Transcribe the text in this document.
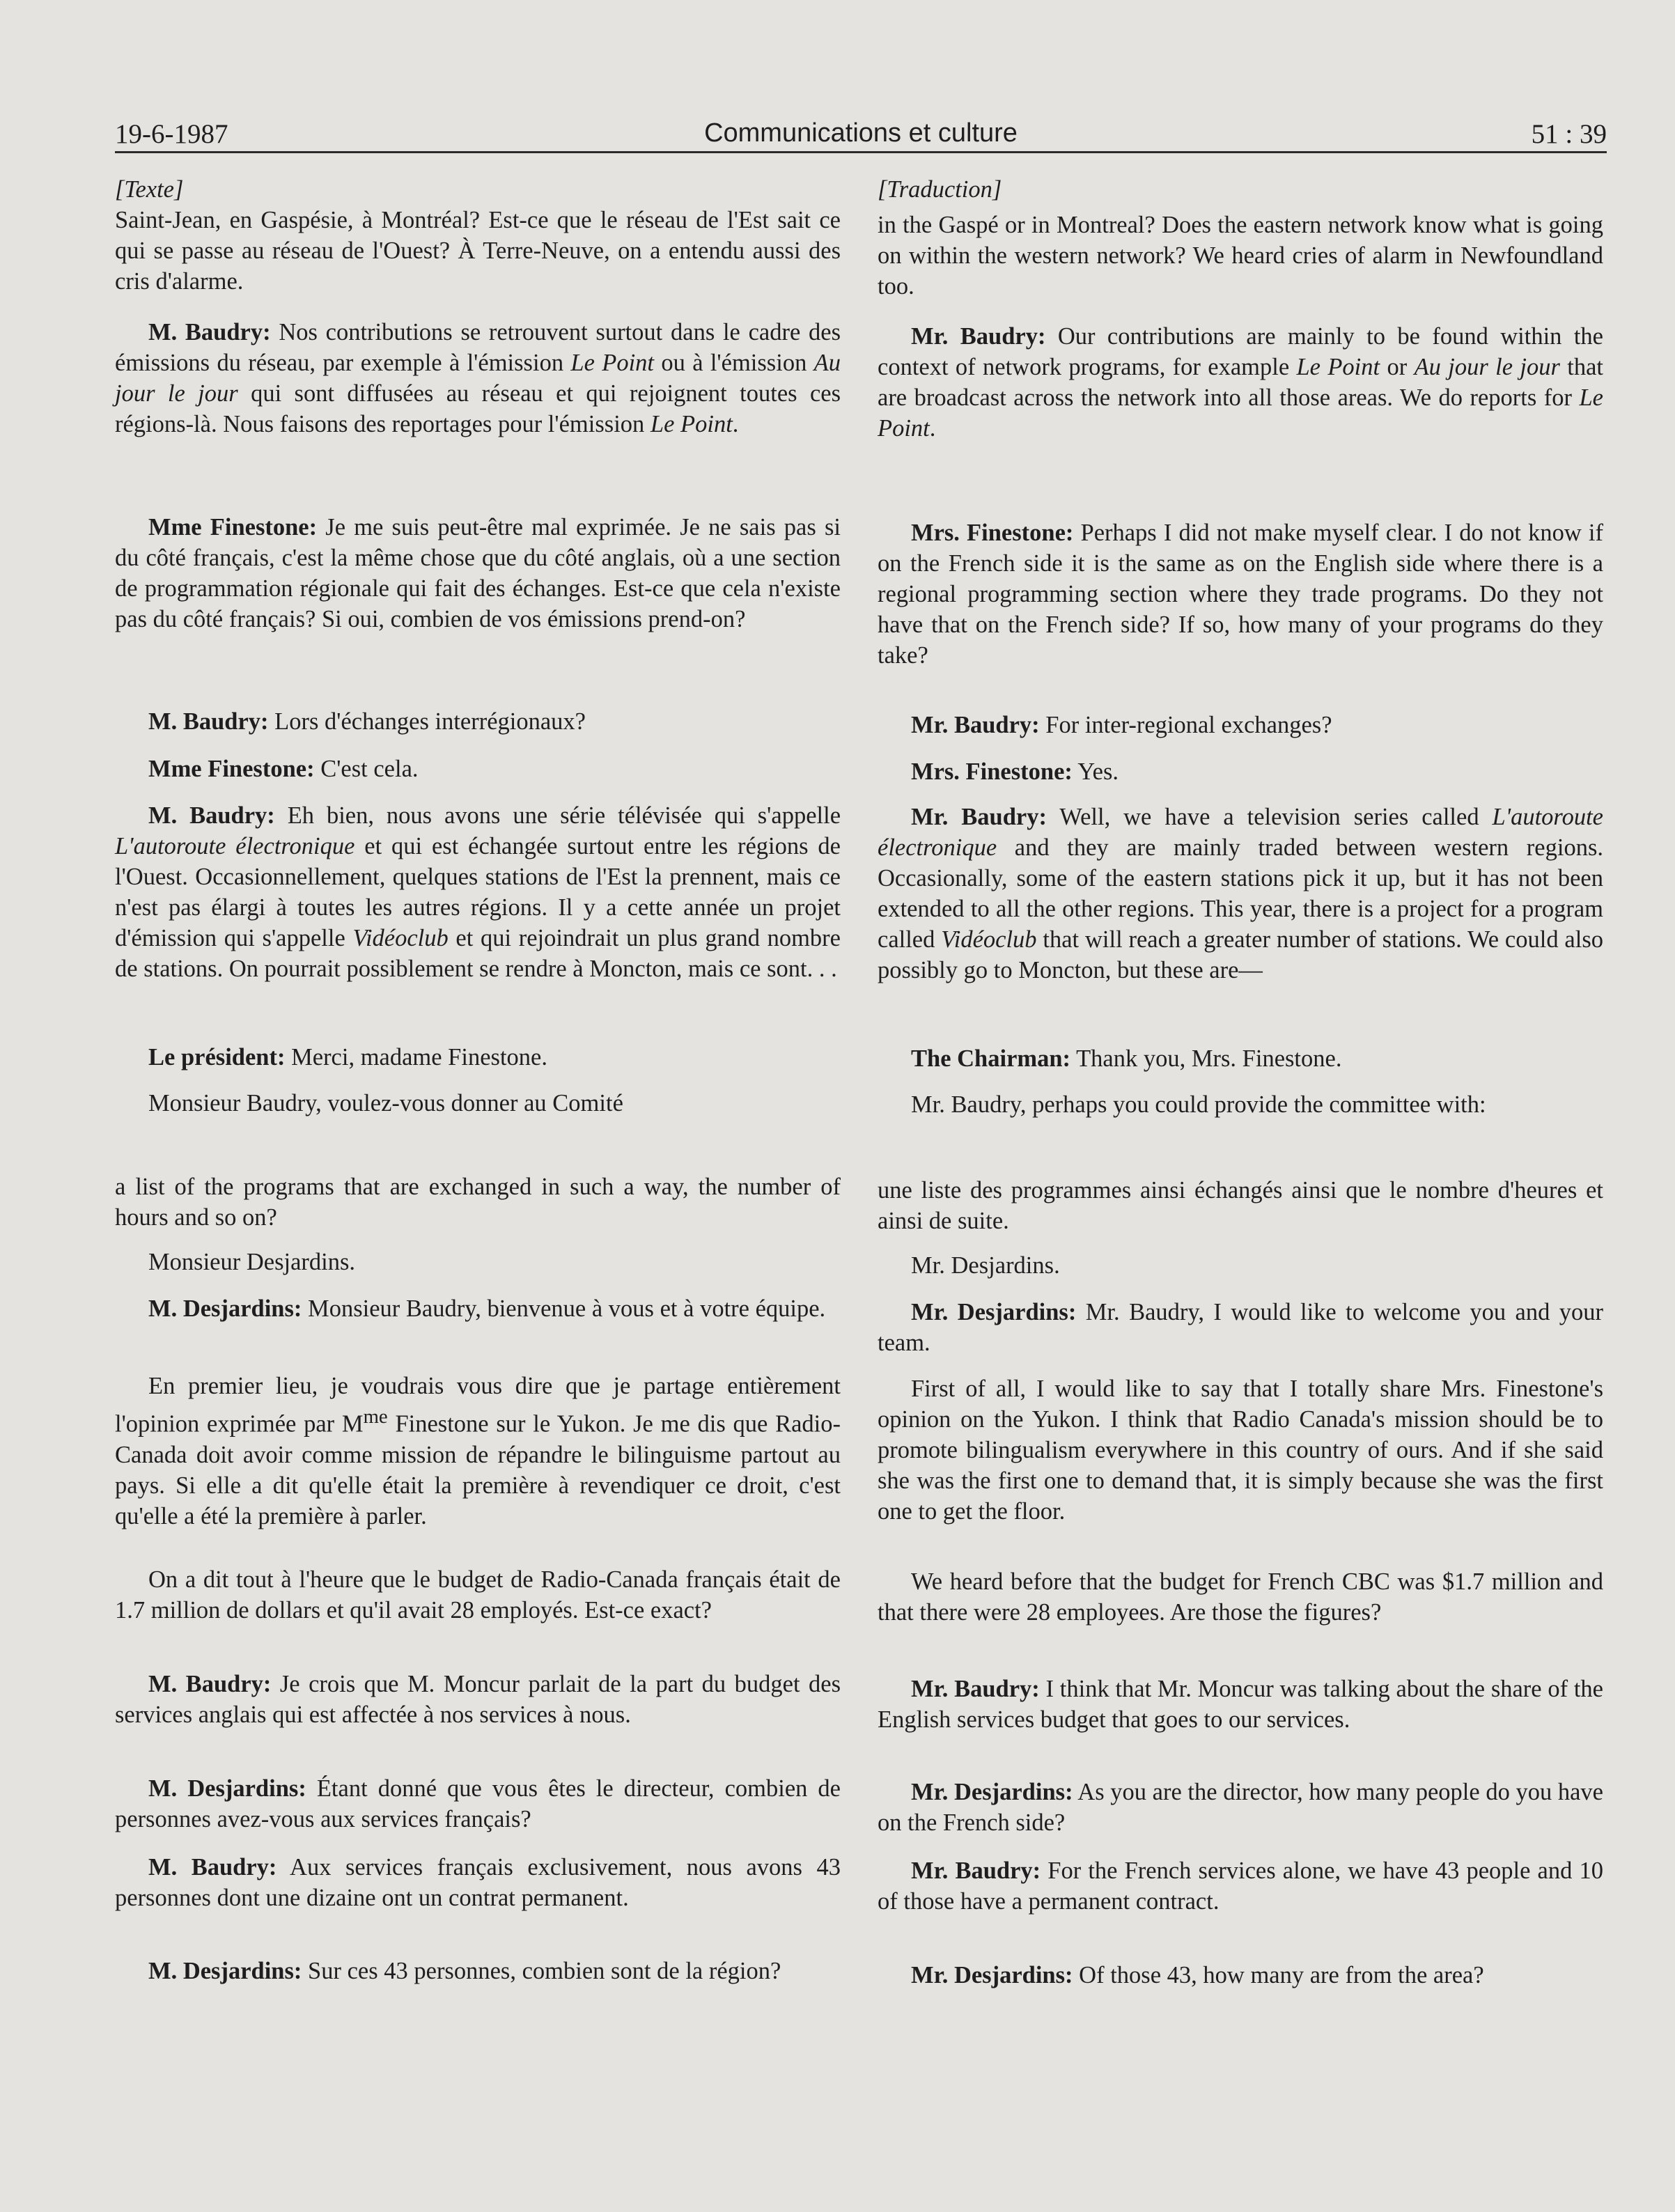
19-6-1987	Communications et culture	51 : 39

[Texte]

Saint-Jean, en Gaspésie, à Montréal? Est-ce que le réseau de l'Est sait ce qui se passe au réseau de l'Ouest? À Terre-Neuve, on a entendu aussi des cris d'alarme.

M. Baudry: Nos contributions se retrouvent surtout dans le cadre des émissions du réseau, par exemple à l'émission Le Point ou à l'émission Au jour le jour qui sont diffusées au réseau et qui rejoignent toutes ces régions-là. Nous faisons des reportages pour l'émission Le Point.

Mme Finestone: Je me suis peut-être mal exprimée. Je ne sais pas si du côté français, c'est la même chose que du côté anglais, où a une section de programmation régionale qui fait des échanges. Est-ce que cela n'existe pas du côté français? Si oui, combien de vos émissions prend-on?

M. Baudry: Lors d'échanges interrégionaux?

Mme Finestone: C'est cela.

M. Baudry: Eh bien, nous avons une série télévisée qui s'appelle L'autoroute électronique et qui est échangée surtout entre les régions de l'Ouest. Occasionnellement, quelques stations de l'Est la prennent, mais ce n'est pas élargi à toutes les autres régions. Il y a cette année un projet d'émission qui s'appelle Vidéoclub et qui rejoindrait un plus grand nombre de stations. On pourrait possiblement se rendre à Moncton, mais ce sont. . .

Le président: Merci, madame Finestone.

Monsieur Baudry, voulez-vous donner au Comité

a list of the programs that are exchanged in such a way, the number of hours and so on?

Monsieur Desjardins.

M. Desjardins: Monsieur Baudry, bienvenue à vous et à votre équipe.

En premier lieu, je voudrais vous dire que je partage entièrement l'opinion exprimée par $M^{me}$ Finestone sur le Yukon. Je me dis que Radio-Canada doit avoir comme mission de répandre le bilinguisme partout au pays. Si elle a dit qu'elle était la première à revendiquer ce droit, c'est qu'elle a été la première à parler.

On a dit tout à l'heure que le budget de Radio-Canada français était de 1.7 million de dollars et qu'il avait 28 employés. Est-ce exact?

M. Baudry: Je crois que M. Moncur parlait de la part du budget des services anglais qui est affectée à nos services à nous.

M. Desjardins: Étant donné que vous êtes le directeur, combien de personnes avez-vous aux services français?

M. Baudry: Aux services français exclusivement, nous avons 43 personnes dont une dizaine ont un contrat permanent.

M. Desjardins: Sur ces 43 personnes, combien sont de la région?

[Traduction]

in the Gaspé or in Montreal? Does the eastern network know what is going on within the western network? We heard cries of alarm in Newfoundland too.

Mr. Baudry: Our contributions are mainly to be found within the context of network programs, for example Le Point or Au jour le jour that are broadcast across the network into all those areas. We do reports for Le Point.

Mrs. Finestone: Perhaps I did not make myself clear. I do not know if on the French side it is the same as on the English side where there is a regional programming section where they trade programs. Do they not have that on the French side? If so, how many of your programs do they take?

Mr. Baudry: For inter-regional exchanges?

Mrs. Finestone: Yes.

Mr. Baudry: Well, we have a television series called L'autoroute électronique and they are mainly traded between western regions. Occasionally, some of the eastern stations pick it up, but it has not been extended to all the other regions. This year, there is a project for a program called Vidéoclub that will reach a greater number of stations. We could also possibly go to Moncton, but these are—

The Chairman: Thank you, Mrs. Finestone.

Mr. Baudry, perhaps you could provide the committee with:

une liste des programmes ainsi échangés ainsi que le nombre d'heures et ainsi de suite.

Mr. Desjardins.

Mr. Desjardins: Mr. Baudry, I would like to welcome you and your team.

First of all, I would like to say that I totally share Mrs. Finestone's opinion on the Yukon. I think that Radio Canada's mission should be to promote bilingualism everywhere in this country of ours. And if she said she was the first one to demand that, it is simply because she was the first one to get the floor.

We heard before that the budget for French CBC was $1.7 million and that there were 28 employees. Are those the figures?

Mr. Baudry: I think that Mr. Moncur was talking about the share of the English services budget that goes to our services.

Mr. Desjardins: As you are the director, how many people do you have on the French side?

Mr. Baudry: For the French services alone, we have 43 people and 10 of those have a permanent contract.

Mr. Desjardins: Of those 43, how many are from the area?
